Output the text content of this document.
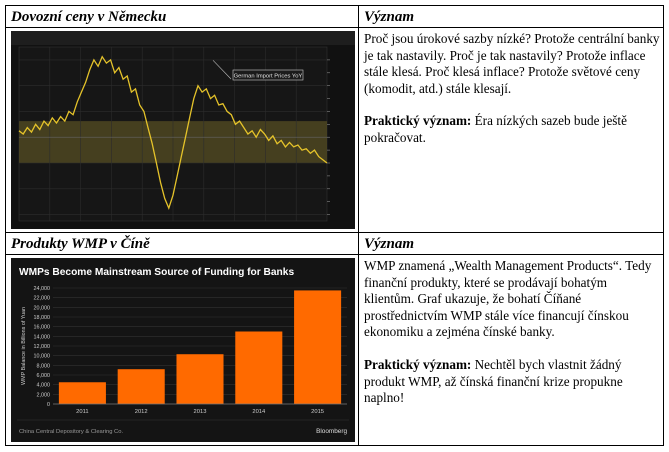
Dovozní ceny v Německu	Význam
German Import Prices YoY

Proč jsou úrokové sazby nízké? Protože centrální banky je tak nastavily. Proč je tak nastavily? Protože inflace stále klesá. Proč klesá inflace? Protože světové ceny (komodit, atd.) stále klesají.

Praktický význam: Éra nízkých sazeb bude ještě pokračovat.
Produkty WMP v Číně	Význam
WMPs Become Mainstream Source of Funding for Banks
0
2,000
4,000
6,000
8,000
10,000
12,000
14,000
16,000
18,000
20,000
22,000
24,000
WMP Balance in Billions of Yuan
2011	2012	2013	2014	2015
China Central Depository & Clearing Co.	Bloomberg

WMP znamená „Wealth Management Products“. Tedy finanční produkty, které se prodávají bohatým klientům. Graf ukazuje, že bohatí Číňané prostřednictvím WMP stále více financují čínskou ekonomiku a zejména čínské banky.

Praktický význam: Nechtěl bych vlastnit žádný produkt WMP, až čínská finanční krize propukne naplno!
